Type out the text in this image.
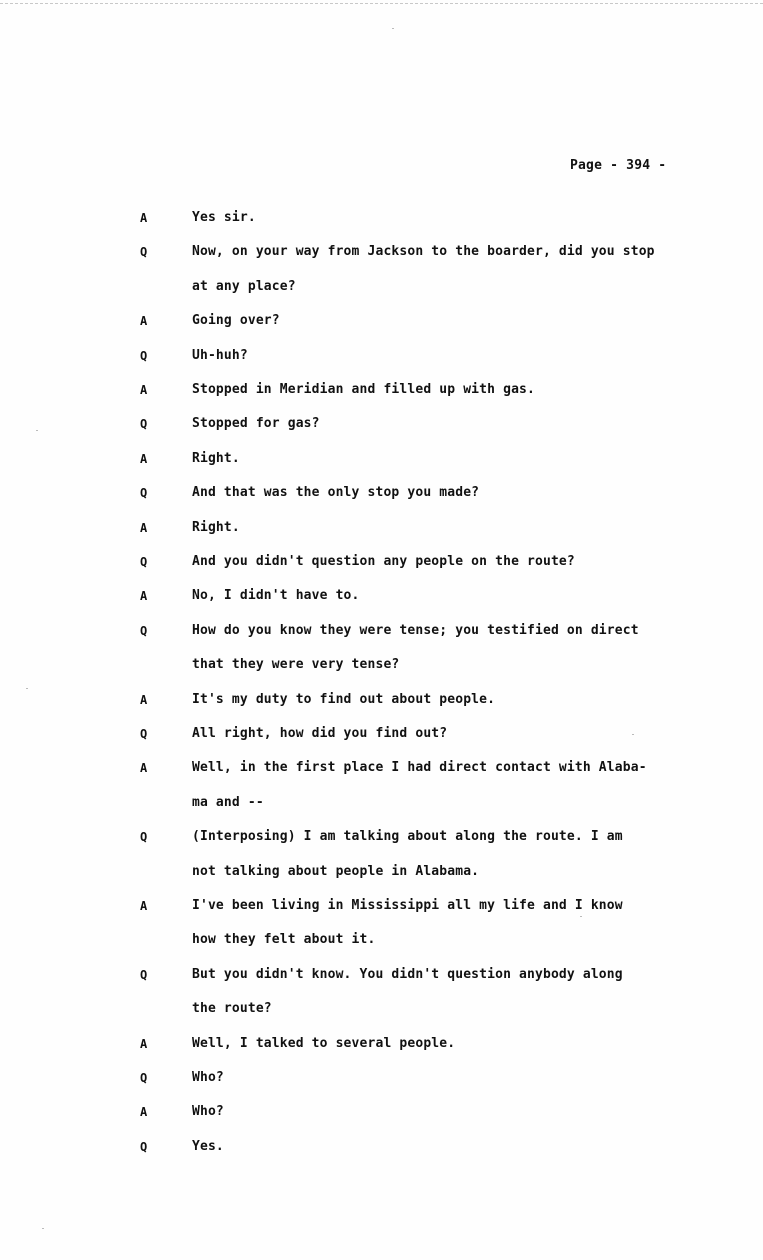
Page - 394 -
A	Yes sir.
Q	Now, on your way from Jackson to the boarder, did you stop
at any place?
A	Going over?
Q	Uh-huh?
A	Stopped in Meridian and filled up with gas.
Q	Stopped for gas?
A	Right.
Q	And that was the only stop you made?
A	Right.
Q	And you didn't question any people on the route?
A	No, I didn't have to.
Q	How do you know they were tense; you testified on direct
that they were very tense?
A	It's my duty to find out about people.
Q	All right, how did you find out?
A	Well, in the first place I had direct contact with Alaba-
ma and --
Q	(Interposing) I am talking about along the route. I am
not talking about people in Alabama.
A	I've been living in Mississippi all my life and I know
how they felt about it.
Q	But you didn't know. You didn't question anybody along
the route?
A	Well, I talked to several people.
Q	Who?
A	Who?
Q	Yes.
